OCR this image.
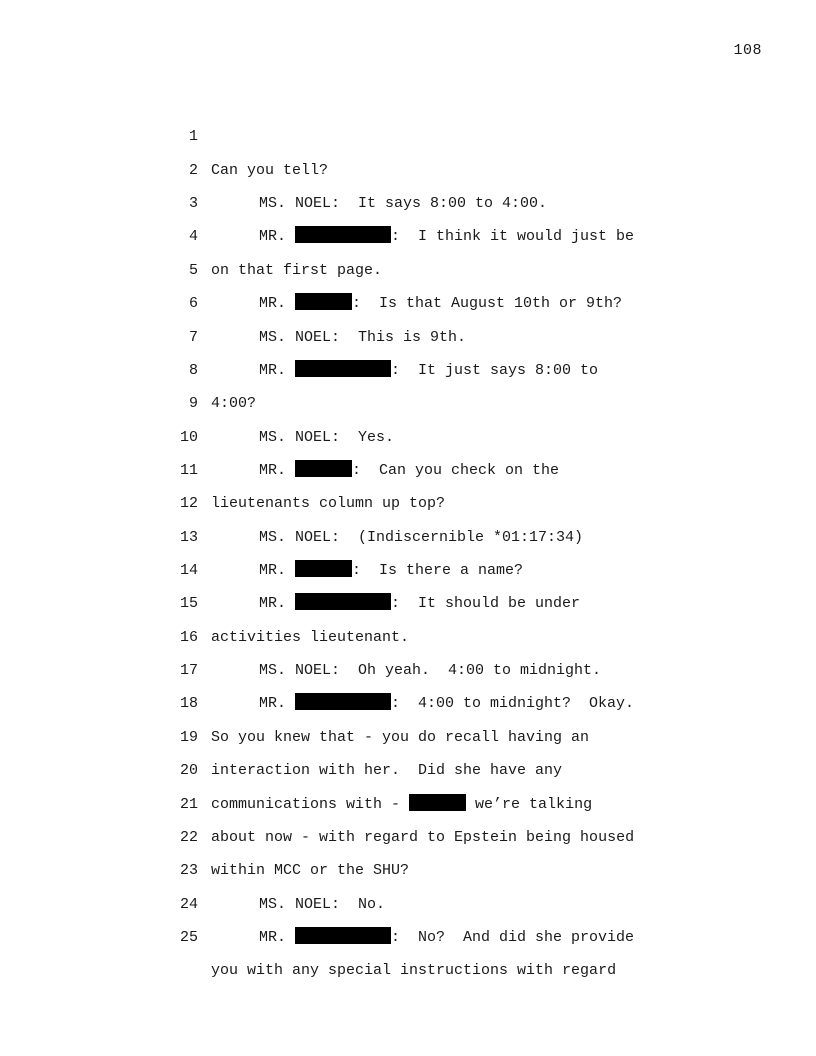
108

1

Can you tell?

2

MS. NOEL:  It says 8:00 to 4:00.

3

MR.	:  I think it would just be

4

on that first page.

5

MR.	:  Is that August 10th or 9th?

6

MS. NOEL:  This is 9th.

7

MR.	:  It just says 8:00 to

8

4:00?

9

MS. NOEL:  Yes.

10

MR.	:  Can you check on the

11

lieutenants column up top?

12

MS. NOEL:  (Indiscernible *01:17:34)

13

MR.	:  Is there a name?

14

MR.	:  It should be under

15

activities lieutenant.

16

MS. NOEL:  Oh yeah.  4:00 to midnight.

17

MR.	:  4:00 to midnight?  Okay.

18

So you knew that - you do recall having an

19

interaction with her.  Did she have any

20

communications with -	we’re talking

21

about now - with regard to Epstein being housed

22

within MCC or the SHU?

23

MS. NOEL:  No.

24

MR.	:  No?  And did she provide

25

you with any special instructions with regard
